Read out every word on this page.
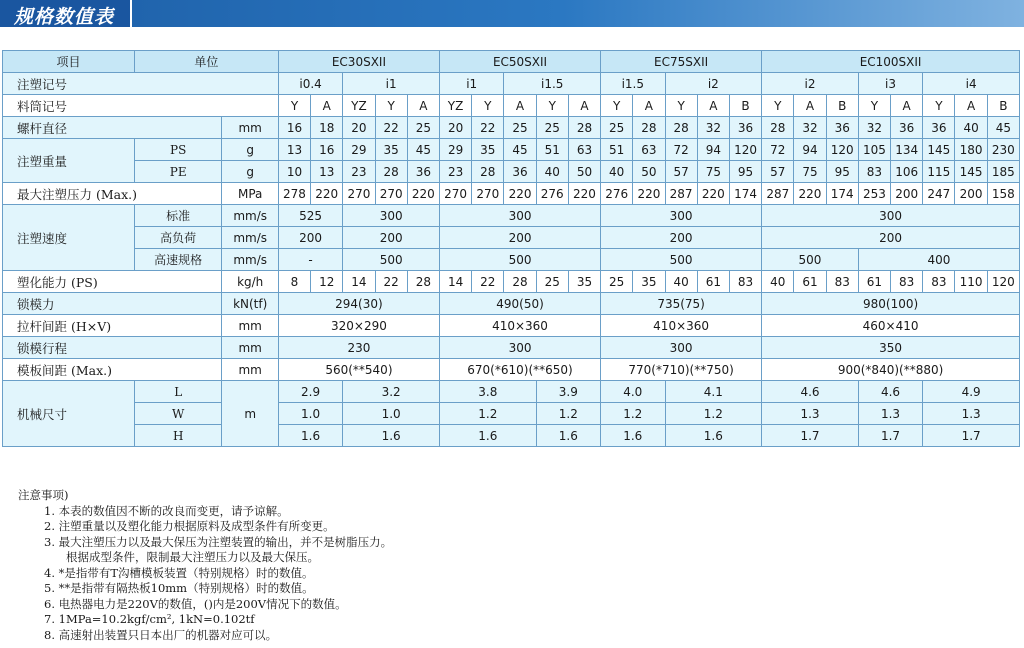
规格数值表
项目	单位		EC30SXII					EC50SXII					EC75SXII					EC100SXII							
注塑记号			i0.4		i1			i1		i1.5			i1.5		i2			i2			i3		i4		
料筒记号			Y	A	YZ	Y	A	YZ	Y	A	Y	A	Y	A	Y	A	B	Y	A	B	Y	A	Y	A	B
螺杆直径		mm	16	18	20	22	25	20	22	25	25	28	25	28	28	32	36	28	32	36	32	36	36	40	45
注塑重量	PS	g	13	16	29	35	45	29	35	45	51	63	51	63	72	94	120	72	94	120	105	134	145	180	230
	PE	g	10	13	23	28	36	23	28	36	40	50	40	50	57	75	95	57	75	95	83	106	115	145	185
最大注塑压力 (Max.)		MPa	278	220	270	270	220	270	270	220	276	220	276	220	287	220	174	287	220	174	253	200	247	200	158
注塑速度	标准	mm/s	525		300			300					300					300							
	高负荷	mm/s	200		200			200					200					200							
	高速规格	mm/s	-		500			500					500					500			400				
塑化能力 (PS)		kg/h	8	12	14	22	28	14	22	28	25	35	25	35	40	61	83	40	61	83	61	83	83	110	120
锁模力		kN(tf)	294(30)					490(50)					735(75)					980(100)							
拉杆间距 (H×V)		mm	320×290					410×360					410×360					460×410							
锁模行程		mm	230					300					300					350							
模板间距 (Max.)		mm	560(**540)					670(*610)(**650)					770(*710)(**750)					900(*840)(**880)							
机械尺寸	L	m	2.9		3.2			3.8			3.9		4.0		4.1			4.6			4.6		4.9		
	W		1.0		1.0			1.2			1.2		1.2		1.2			1.3			1.3		1.3		
	H		1.6		1.6			1.6			1.6		1.6		1.6			1.7			1.7		1.7		
注意事项)
1. 本表的数值因不断的改良而变更，请予谅解。
2. 注塑重量以及塑化能力根据原料及成型条件有所变更。
3. 最大注塑压力以及最大保压为注塑装置的输出，并不是树脂压力。
根据成型条件，限制最大注塑压力以及最大保压。
4. *是指带有T沟槽模板装置（特别规格）时的数值。
5. **是指带有隔热板10mm（特别规格）时的数值。
6. 电热器电力是220V的数值，()内是200V情况下的数值。
7. 1MPa=10.2kgf/cm², 1kN=0.102tf
8. 高速射出装置只日本出厂的机器对应可以。
